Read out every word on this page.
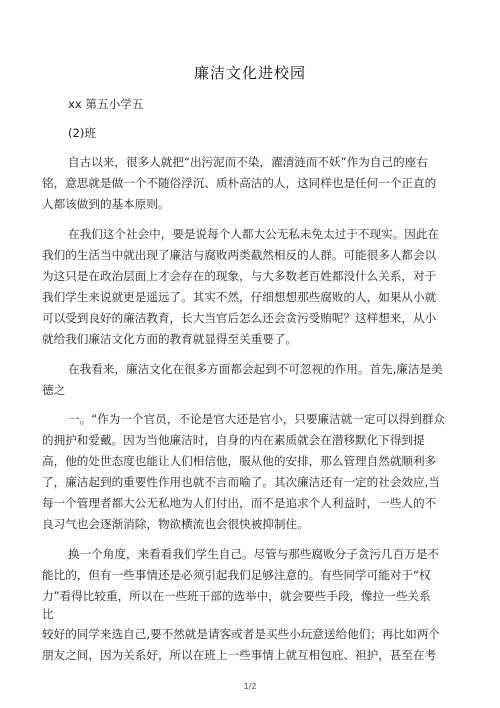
廉洁文化进校园
xx 第五小学五
(2)班
自古以来，很多人就把“出污泥而不染，濯清涟而不妖”作为自己的座右
铭，意思就是做一个不随俗浮沉、质朴高洁的人，这同样也是任何一个正直的
人都该做到的基本原则。
在我们这个社会中，要是说每个人都大公无私未免太过于不现实。因此在
我们的生活当中就出现了廉洁与腐败两类截然相反的人群。可能很多人都会以
为这只是在政治层面上才会存在的现象，与大多数老百姓都没什么关系，对于
我们学生来说就更是遥远了。其实不然，仔细想想那些腐败的人，如果从小就
可以受到良好的廉洁教育，长大当官后怎么还会贪污受贿呢？这样想来，从小
就给我们廉洁文化方面的教育就显得至关重要了。
在我看来，廉洁文化在很多方面都会起到不可忽视的作用。首先,廉洁是美
德之
一。“作为一个官员，不论是官大还是官小，只要廉洁就一定可以得到群众
的拥护和爱戴。因为当他廉洁时，自身的内在素质就会在潜移默化下得到提
高，他的处世态度也能让人们相信他，服从他的安排，那么管理自然就顺利多
了，廉洁起到的重要性作用也就不言而喻了。其次廉洁还有一定的社会效应,当
每一个管理者都大公无私地为人们付出，而不是追求个人利益时，一些人的不
良习气也会逐渐消除，物欲横流也会很快被抑制住。
换一个角度，来看看我们学生自己。尽管与那些腐败分子贪污几百万是不
能比的，但有一些事情还是必须引起我们足够注意的。有些同学可能对于“权
力”看得比较重，所以在一些班干部的选举中，就会要些手段，像拉一些关系
比
较好的同学来选自己,要不然就是请客或者是买些小玩意送给他们；再比如两个
朋友之间，因为关系好，所以在班上一些事情上就互相包庇、袒护，甚至在考
1/2
